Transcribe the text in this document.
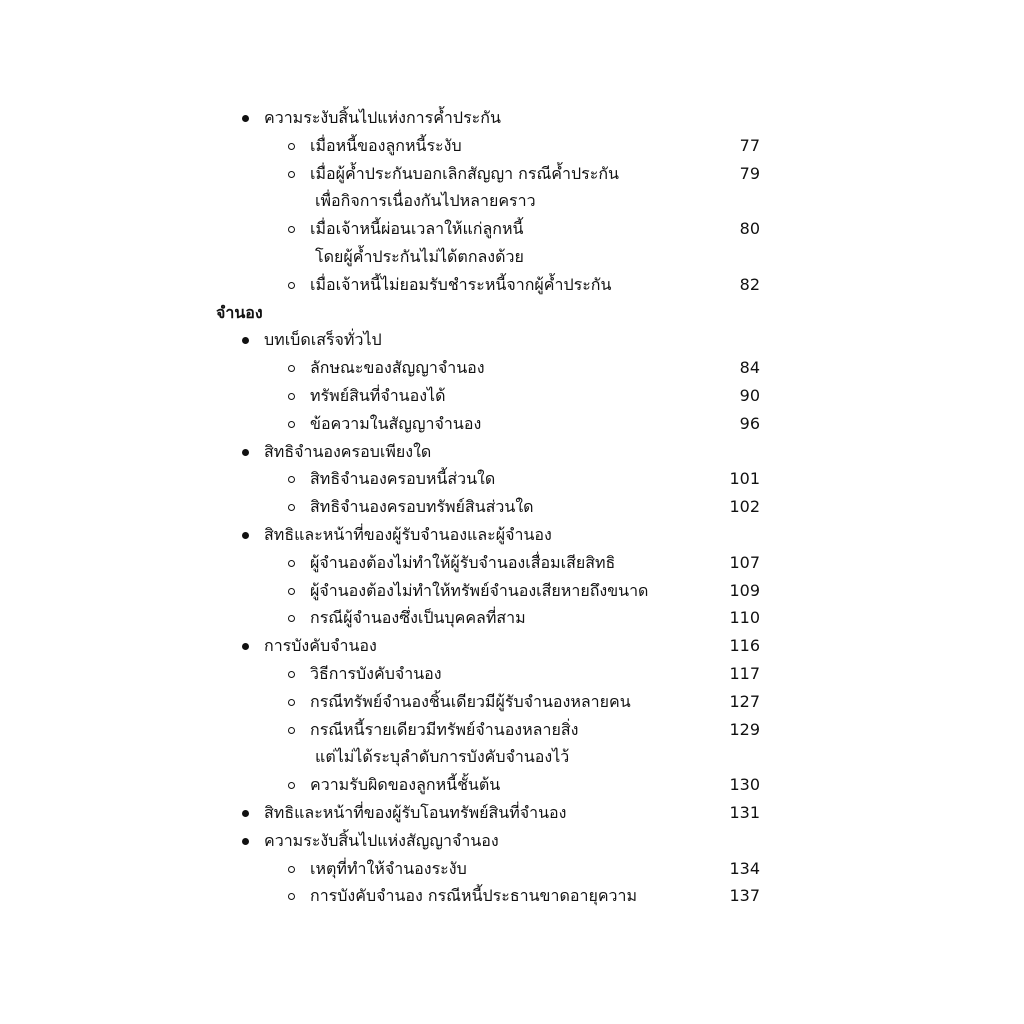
ความระงับสิ้นไปแห่งการค้ำประกัน
เมื่อหนี้ของลูกหนี้ระงับ	77
เมื่อผู้ค้ำประกันบอกเลิกสัญญา กรณีค้ำประกัน	79
เพื่อกิจการเนื่องกันไปหลายคราว
เมื่อเจ้าหนี้ผ่อนเวลาให้แก่ลูกหนี้	80
โดยผู้ค้ำประกันไม่ได้ตกลงด้วย
เมื่อเจ้าหนี้ไม่ยอมรับชำระหนี้จากผู้ค้ำประกัน	82
จำนอง
บทเบ็ดเสร็จทั่วไป
ลักษณะของสัญญาจำนอง	84
ทรัพย์สินที่จำนองได้	90
ข้อความในสัญญาจำนอง	96
สิทธิจำนองครอบเพียงใด
สิทธิจำนองครอบหนี้ส่วนใด	101
สิทธิจำนองครอบทรัพย์สินส่วนใด	102
สิทธิและหน้าที่ของผู้รับจำนองและผู้จำนอง
ผู้จำนองต้องไม่ทำให้ผู้รับจำนองเสื่อมเสียสิทธิ	107
ผู้จำนองต้องไม่ทำให้ทรัพย์จำนองเสียหายถึงขนาด	109
กรณีผู้จำนองซึ่งเป็นบุคคลที่สาม	110
การบังคับจำนอง	116
วิธีการบังคับจำนอง	117
กรณีทรัพย์จำนองชิ้นเดียวมีผู้รับจำนองหลายคน	127
กรณีหนี้รายเดียวมีทรัพย์จำนองหลายสิ่ง	129
แต่ไม่ได้ระบุลำดับการบังคับจำนองไว้
ความรับผิดของลูกหนี้ชั้นต้น	130
สิทธิและหน้าที่ของผู้รับโอนทรัพย์สินที่จำนอง	131
ความระงับสิ้นไปแห่งสัญญาจำนอง
เหตุที่ทำให้จำนองระงับ	134
การบังคับจำนอง กรณีหนี้ประธานขาดอายุความ	137
